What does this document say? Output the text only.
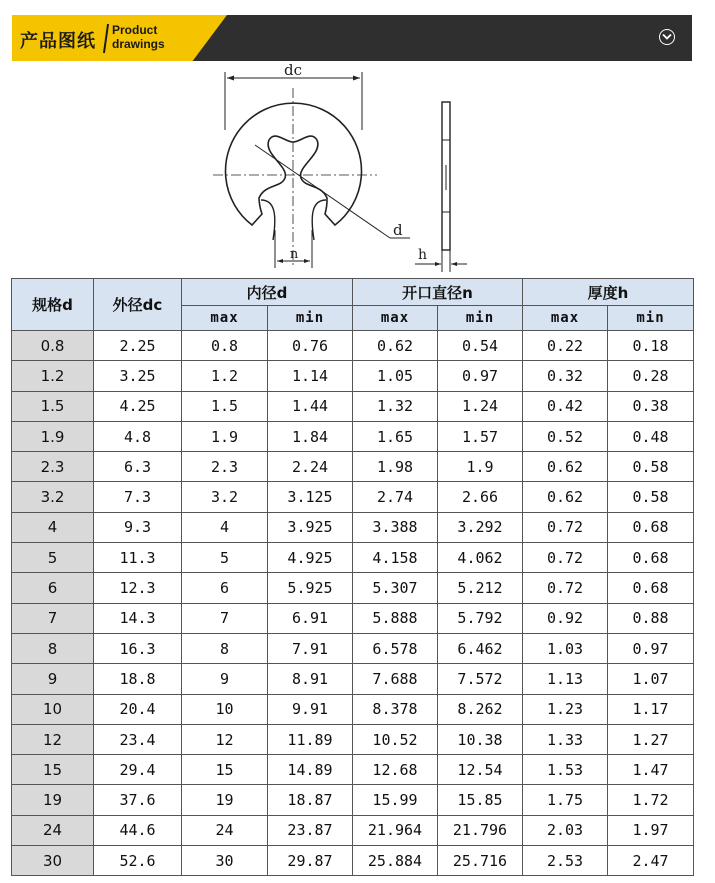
产品图纸
Product
drawings
dc
d
n	h
规格d	外径dc	内径d		开口直径n		厚度h	
		max	min	max	min	max	min
0.8	2.25	0.8	0.76	0.62	0.54	0.22	0.18
1.2	3.25	1.2	1.14	1.05	0.97	0.32	0.28
1.5	4.25	1.5	1.44	1.32	1.24	0.42	0.38
1.9	4.8	1.9	1.84	1.65	1.57	0.52	0.48
2.3	6.3	2.3	2.24	1.98	1.9	0.62	0.58
3.2	7.3	3.2	3.125	2.74	2.66	0.62	0.58
4	9.3	4	3.925	3.388	3.292	0.72	0.68
5	11.3	5	4.925	4.158	4.062	0.72	0.68
6	12.3	6	5.925	5.307	5.212	0.72	0.68
7	14.3	7	6.91	5.888	5.792	0.92	0.88
8	16.3	8	7.91	6.578	6.462	1.03	0.97
9	18.8	9	8.91	7.688	7.572	1.13	1.07
10	20.4	10	9.91	8.378	8.262	1.23	1.17
12	23.4	12	11.89	10.52	10.38	1.33	1.27
15	29.4	15	14.89	12.68	12.54	1.53	1.47
19	37.6	19	18.87	15.99	15.85	1.75	1.72
24	44.6	24	23.87	21.964	21.796	2.03	1.97
30	52.6	30	29.87	25.884	25.716	2.53	2.47
